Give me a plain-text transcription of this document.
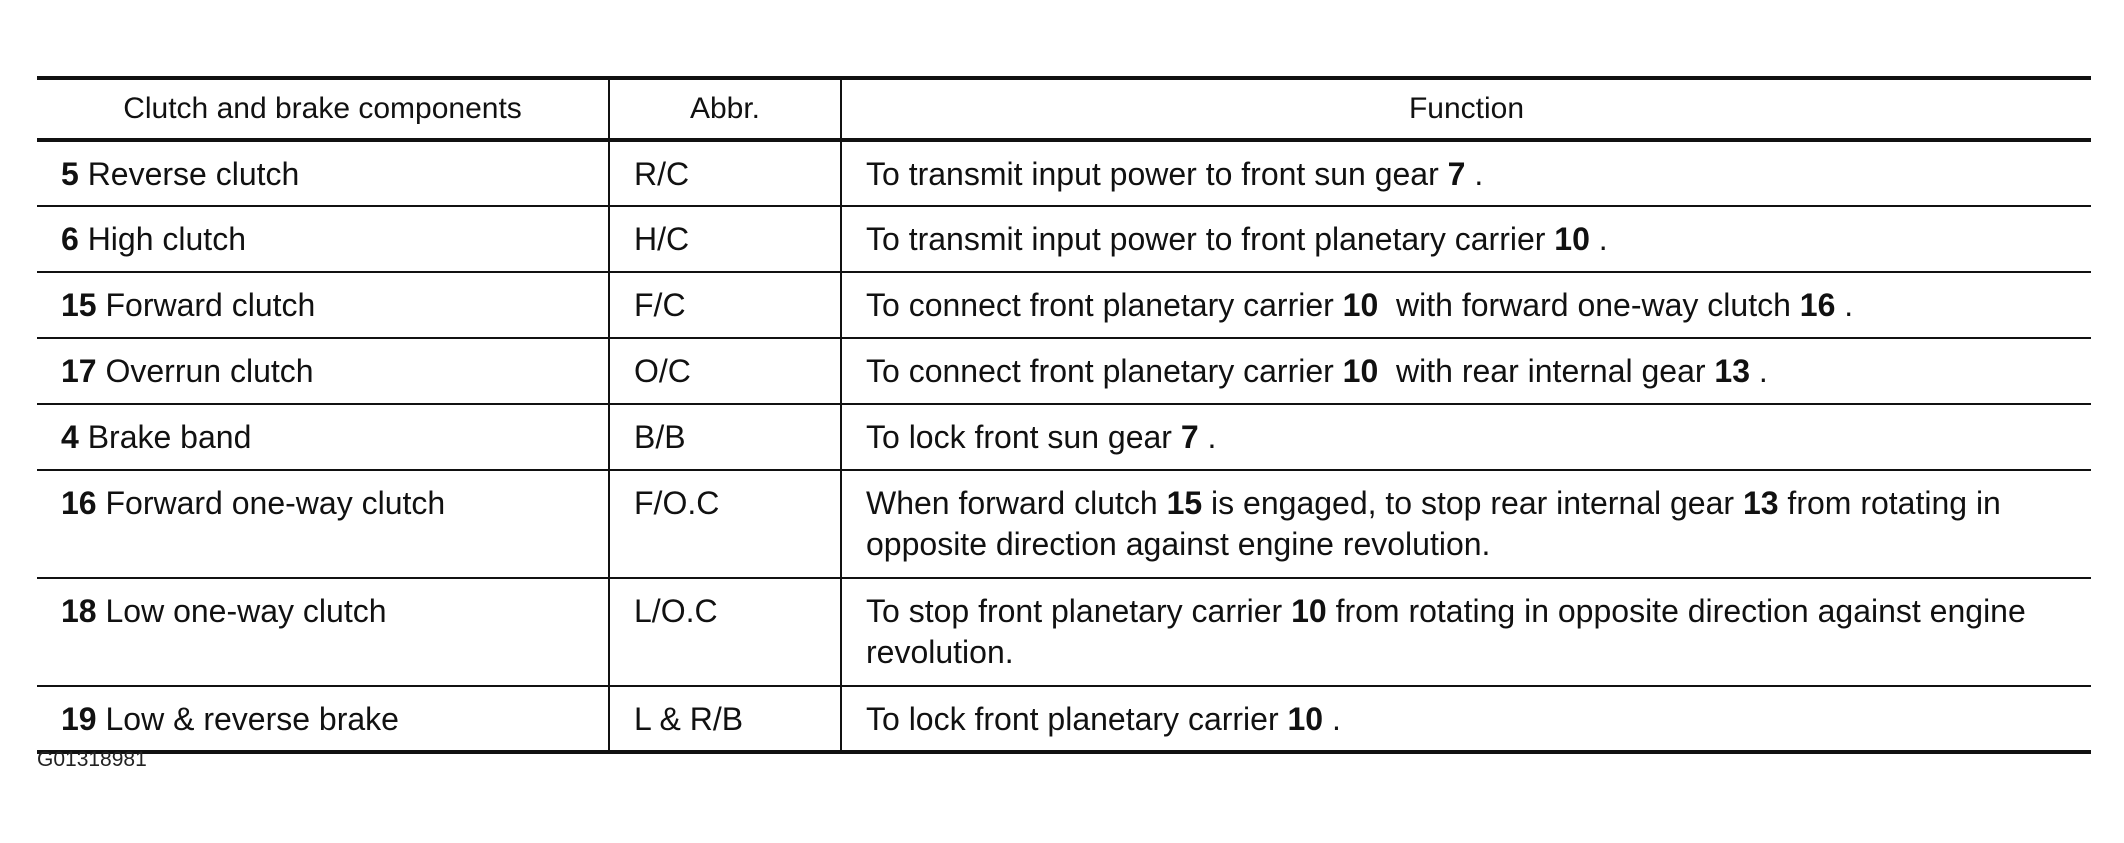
Clutch and brake components	Abbr.	Function
5 Reverse clutch	R/C	To transmit input power to front sun gear 7 .
6 High clutch	H/C	To transmit input power to front planetary carrier 10 .
15 Forward clutch	F/C	To connect front planetary carrier 10  with forward one-way clutch 16 .
17 Overrun clutch	O/C	To connect front planetary carrier 10  with rear internal gear 13 .
4 Brake band	B/B	To lock front sun gear 7 .
16 Forward one-way clutch	F/O.C	When forward clutch 15 is engaged, to stop rear internal gear 13 from rotating in opposite direction against engine revolution.
18 Low one-way clutch	L/O.C	To stop front planetary carrier 10 from rotating in opposite direction against engine revolution.
19 Low & reverse brake	L & R/B	To lock front planetary carrier 10 .
G01318981
